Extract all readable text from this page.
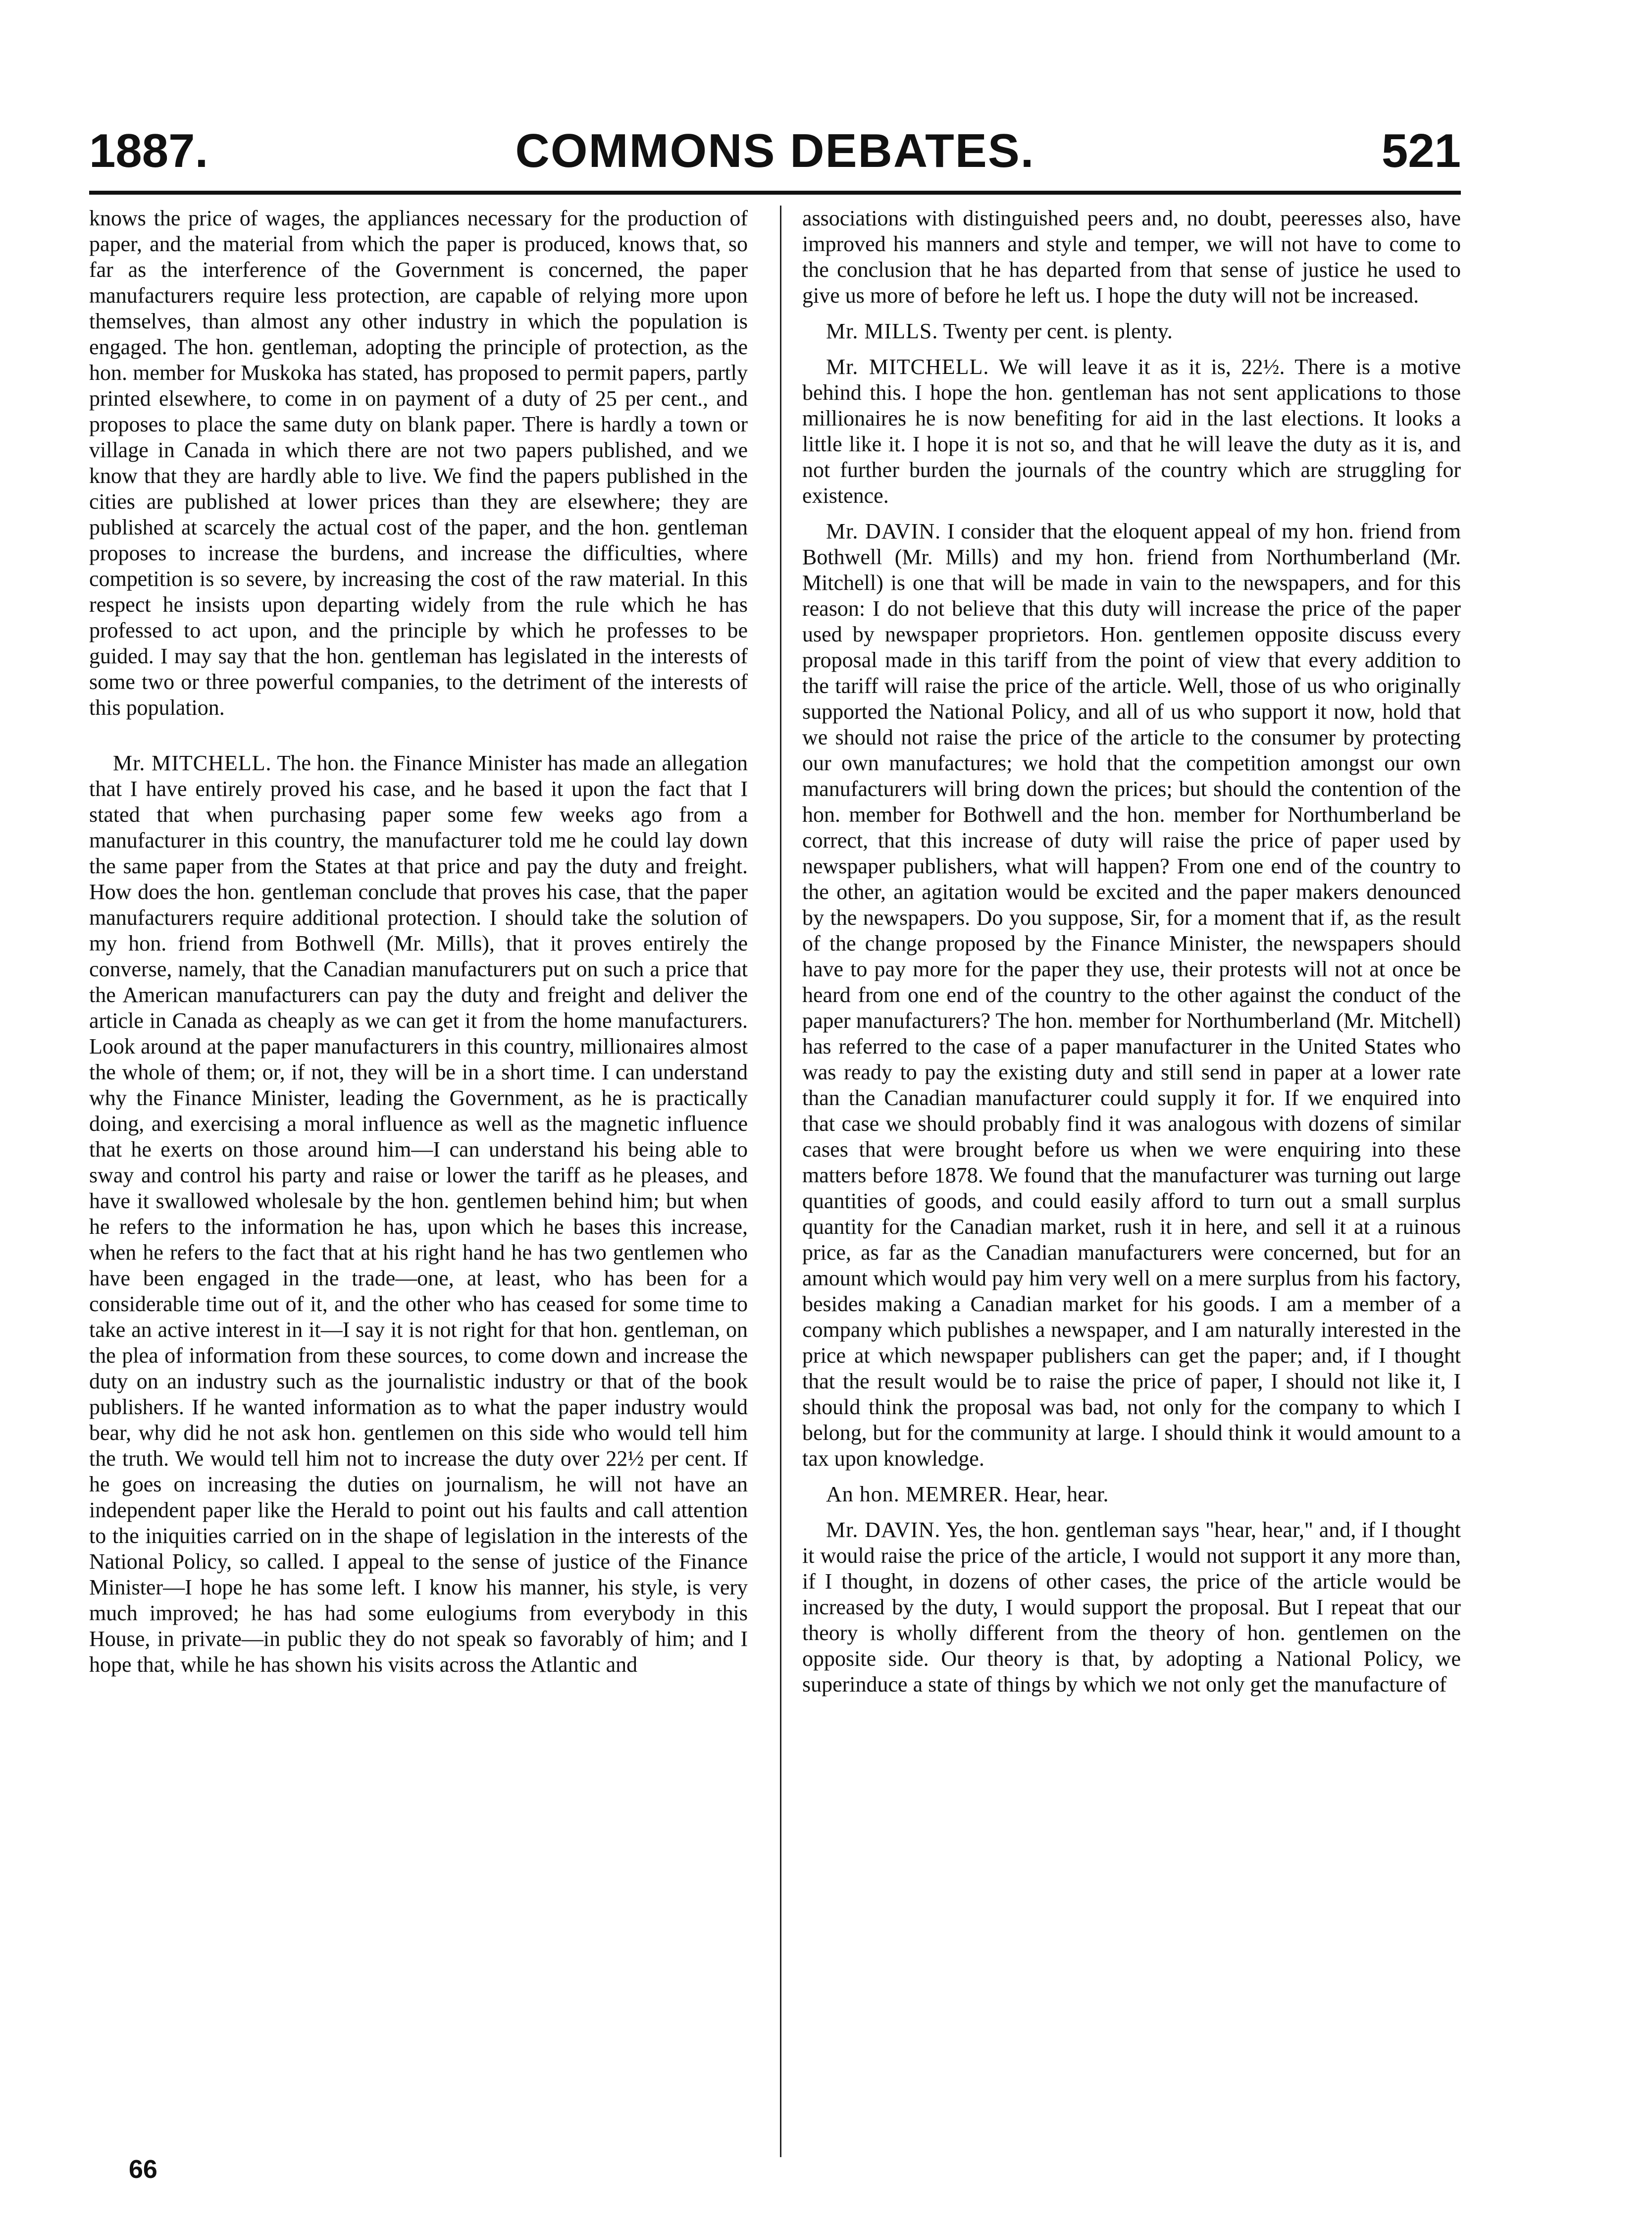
1887.	COMMONS DEBATES.	521

knows the price of wages, the appliances necessary for the production of paper, and the material from which the paper is produced, knows that, so far as the interference of the Government is concerned, the paper manufacturers require less protection, are capable of relying more upon themselves, than almost any other industry in which the population is engaged. The hon. gentleman, adopting the principle of protection, as the hon. member for Muskoka has stated, has proposed to permit papers, partly printed elsewhere, to come in on payment of a duty of 25 per cent., and proposes to place the same duty on blank paper. There is hardly a town or village in Canada in which there are not two papers published, and we know that they are hardly able to live. We find the papers published in the cities are published at lower prices than they are elsewhere; they are published at scarcely the actual cost of the paper, and the hon. gentleman proposes to increase the burdens, and increase the difficulties, where competition is so severe, by increasing the cost of the raw material. In this respect he insists upon departing widely from the rule which he has professed to act upon, and the principle by which he professes to be guided. I may say that the hon. gentleman has legislated in the interests of some two or three powerful companies, to the detriment of the interests of this population.

Mr. MITCHELL. The hon. the Finance Minister has made an allegation that I have entirely proved his case, and he based it upon the fact that I stated that when purchasing paper some few weeks ago from a manufacturer in this country, the manufacturer told me he could lay down the same paper from the States at that price and pay the duty and freight. How does the hon. gentleman conclude that proves his case, that the paper manufacturers require additional protection. I should take the solution of my hon. friend from Bothwell (Mr. Mills), that it proves entirely the converse, namely, that the Canadian manufacturers put on such a price that the American manufacturers can pay the duty and freight and deliver the article in Canada as cheaply as we can get it from the home manufacturers. Look around at the paper manufacturers in this country, millionaires almost the whole of them; or, if not, they will be in a short time. I can understand why the Finance Minister, leading the Government, as he is practically doing, and exercising a moral influence as well as the magnetic influence that he exerts on those around him—I can understand his being able to sway and control his party and raise or lower the tariff as he pleases, and have it swallowed wholesale by the hon. gentlemen behind him; but when he refers to the information he has, upon which he bases this increase, when he refers to the fact that at his right hand he has two gentlemen who have been engaged in the trade—one, at least, who has been for a considerable time out of it, and the other who has ceased for some time to take an active interest in it—I say it is not right for that hon. gentleman, on the plea of information from these sources, to come down and increase the duty on an industry such as the journalistic industry or that of the book publishers. If he wanted information as to what the paper industry would bear, why did he not ask hon. gentlemen on this side who would tell him the truth. We would tell him not to increase the duty over 22½ per cent. If he goes on increasing the duties on journalism, he will not have an independent paper like the Herald to point out his faults and call attention to the iniquities carried on in the shape of legislation in the interests of the National Policy, so called. I appeal to the sense of justice of the Finance Minister—I hope he has some left. I know his manner, his style, is very much improved; he has had some eulogiums from everybody in this House, in private—in public they do not speak so favorably of him; and I hope that, while he has shown his visits across the Atlantic and

associations with distinguished peers and, no doubt, peeresses also, have improved his manners and style and temper, we will not have to come to the conclusion that he has departed from that sense of justice he used to give us more of before he left us. I hope the duty will not be increased.

Mr. MILLS. Twenty per cent. is plenty.

Mr. MITCHELL. We will leave it as it is, 22½. There is a motive behind this. I hope the hon. gentleman has not sent applications to those millionaires he is now benefiting for aid in the last elections. It looks a little like it. I hope it is not so, and that he will leave the duty as it is, and not further burden the journals of the country which are struggling for existence.

Mr. DAVIN. I consider that the eloquent appeal of my hon. friend from Bothwell (Mr. Mills) and my hon. friend from Northumberland (Mr. Mitchell) is one that will be made in vain to the newspapers, and for this reason: I do not believe that this duty will increase the price of the paper used by newspaper proprietors. Hon. gentlemen opposite discuss every proposal made in this tariff from the point of view that every addition to the tariff will raise the price of the article. Well, those of us who originally supported the National Policy, and all of us who support it now, hold that we should not raise the price of the article to the consumer by protecting our own manufactures; we hold that the competition amongst our own manufacturers will bring down the prices; but should the contention of the hon. member for Bothwell and the hon. member for Northumberland be correct, that this increase of duty will raise the price of paper used by newspaper publishers, what will happen? From one end of the country to the other, an agitation would be excited and the paper makers denounced by the newspapers. Do you suppose, Sir, for a moment that if, as the result of the change proposed by the Finance Minister, the newspapers should have to pay more for the paper they use, their protests will not at once be heard from one end of the country to the other against the conduct of the paper manufacturers? The hon. member for Northumberland (Mr. Mitchell) has referred to the case of a paper manufacturer in the United States who was ready to pay the existing duty and still send in paper at a lower rate than the Canadian manufacturer could supply it for. If we enquired into that case we should probably find it was analogous with dozens of similar cases that were brought before us when we were enquiring into these matters before 1878. We found that the manufacturer was turning out large quantities of goods, and could easily afford to turn out a small surplus quantity for the Canadian market, rush it in here, and sell it at a ruinous price, as far as the Canadian manufacturers were concerned, but for an amount which would pay him very well on a mere surplus from his factory, besides making a Canadian market for his goods. I am a member of a company which publishes a newspaper, and I am naturally interested in the price at which newspaper publishers can get the paper; and, if I thought that the result would be to raise the price of paper, I should not like it, I should think the proposal was bad, not only for the company to which I belong, but for the community at large. I should think it would amount to a tax upon knowledge.

An hon. MEMRER. Hear, hear.

Mr. DAVIN. Yes, the hon. gentleman says "hear, hear," and, if I thought it would raise the price of the article, I would not support it any more than, if I thought, in dozens of other cases, the price of the article would be increased by the duty, I would support the proposal. But I repeat that our theory is wholly different from the theory of hon. gentlemen on the opposite side. Our theory is that, by adopting a National Policy, we superinduce a state of things by which we not only get the manufacture of

66
